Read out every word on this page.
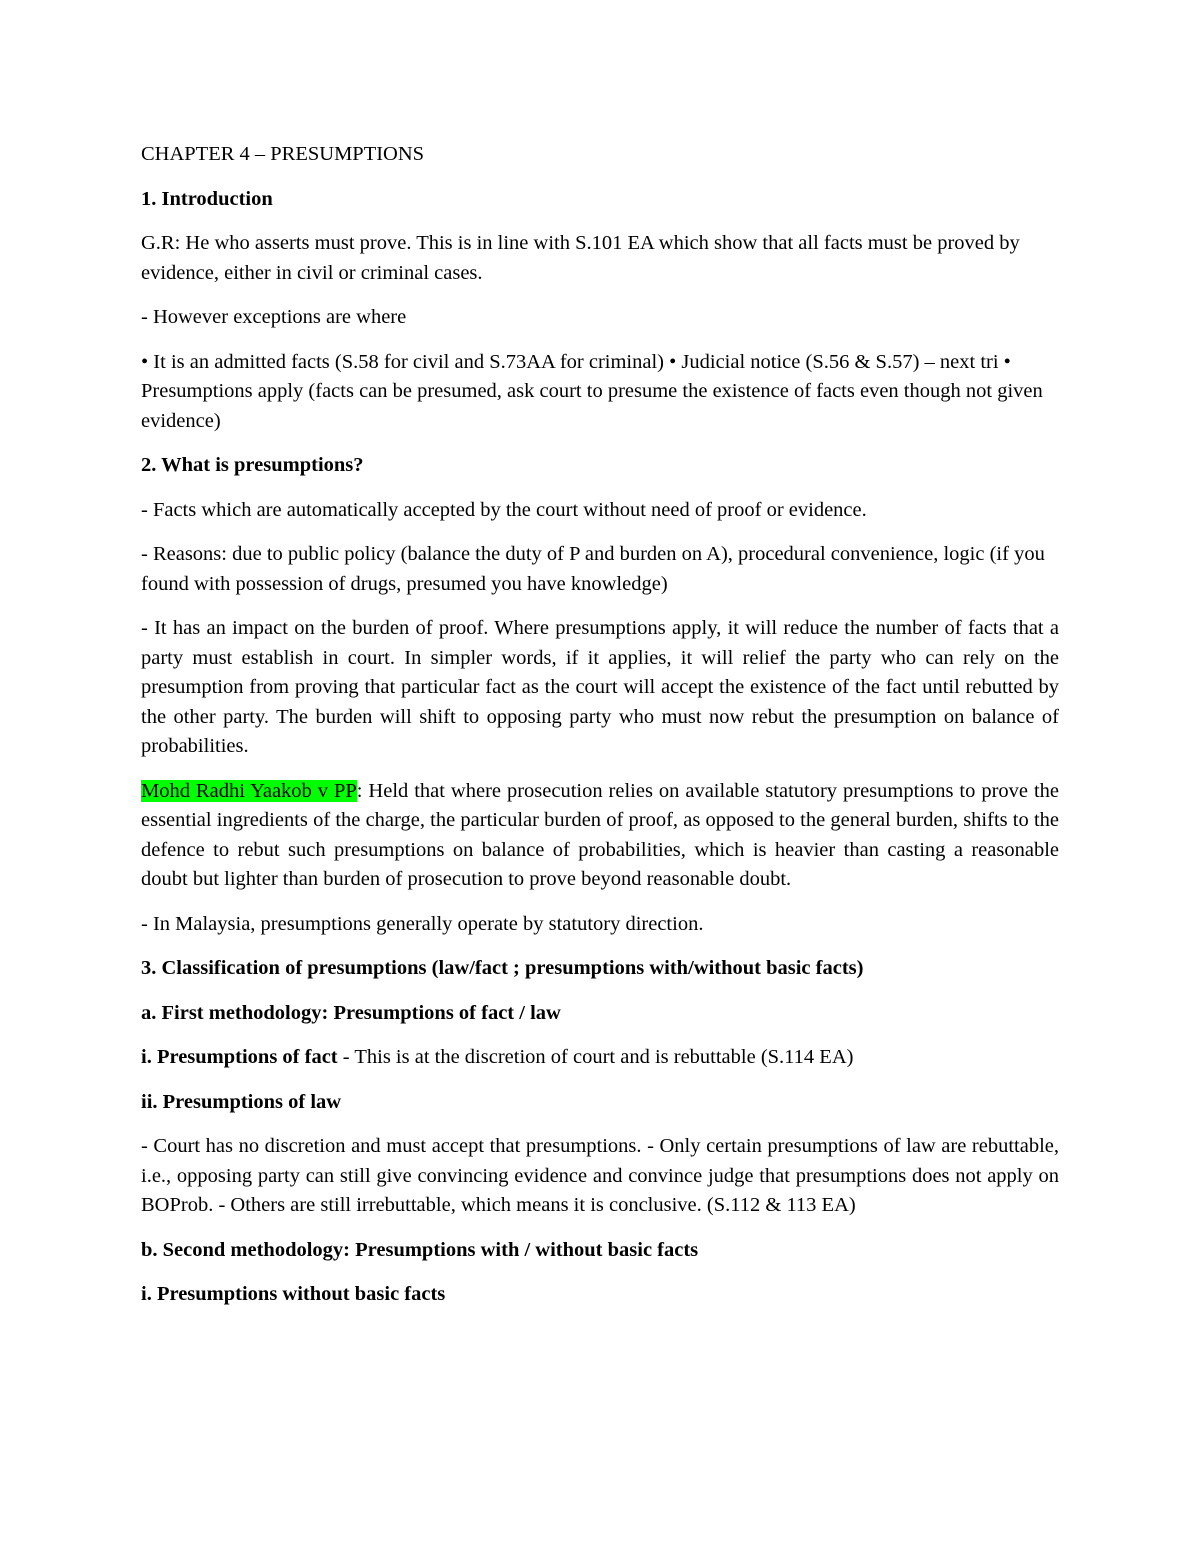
CHAPTER 4 – PRESUMPTIONS

1. Introduction

G.R: He who asserts must prove. This is in line with S.101 EA which show that all facts must be proved by evidence, either in civil or criminal cases.

- However exceptions are where

• It is an admitted facts (S.58 for civil and S.73AA for criminal) • Judicial notice (S.56 & S.57) – next tri • Presumptions apply (facts can be presumed, ask court to presume the existence of facts even though not given evidence)

2. What is presumptions?

- Facts which are automatically accepted by the court without need of proof or evidence.

- Reasons: due to public policy (balance the duty of P and burden on A), procedural convenience, logic (if you found with possession of drugs, presumed you have knowledge)

- It has an impact on the burden of proof. Where presumptions apply, it will reduce the number of facts that a party must establish in court. In simpler words, if it applies, it will relief the party who can rely on the presumption from proving that particular fact as the court will accept the existence of the fact until rebutted by the other party. The burden will shift to opposing party who must now rebut the presumption on balance of probabilities.

Mohd Radhi Yaakob v PP: Held that where prosecution relies on available statutory presumptions to prove the essential ingredients of the charge, the particular burden of proof, as opposed to the general burden, shifts to the defence to rebut such presumptions on balance of probabilities, which is heavier than casting a reasonable doubt but lighter than burden of prosecution to prove beyond reasonable doubt.

- In Malaysia, presumptions generally operate by statutory direction.

3. Classification of presumptions (law/fact ; presumptions with/without basic facts)

a. First methodology: Presumptions of fact / law

i. Presumptions of fact - This is at the discretion of court and is rebuttable (S.114 EA)

ii. Presumptions of law

- Court has no discretion and must accept that presumptions. - Only certain presumptions of law are rebuttable, i.e., opposing party can still give convincing evidence and convince judge that presumptions does not apply on BOProb. - Others are still irrebuttable, which means it is conclusive. (S.112 & 113 EA)

b. Second methodology: Presumptions with / without basic facts

i. Presumptions without basic facts
